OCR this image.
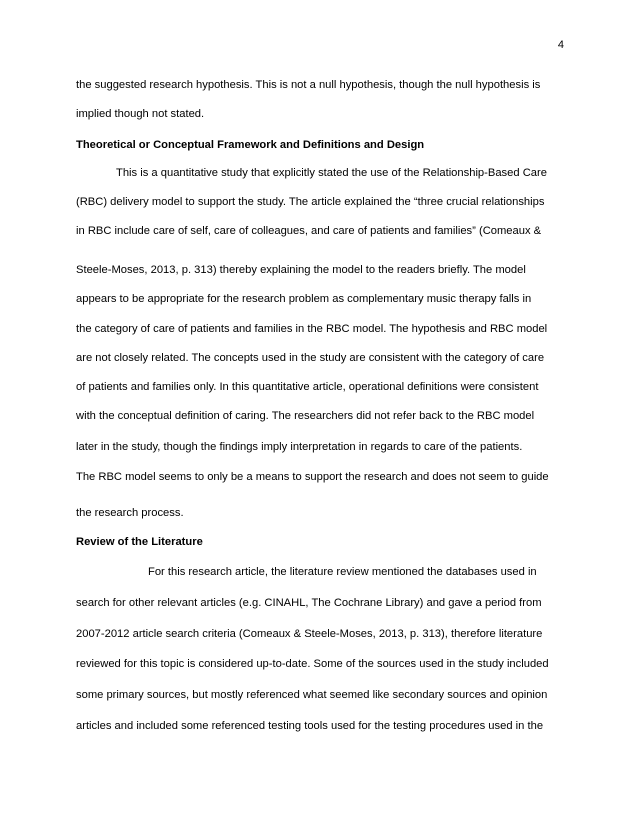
4
the suggested research hypothesis. This is not a null hypothesis, though the null hypothesis is
implied though not stated.
Theoretical or Conceptual Framework and Definitions and Design
This is a quantitative study that explicitly stated the use of the Relationship-Based Care
(RBC) delivery model to support the study. The article explained the “three crucial relationships
in RBC include care of self, care of colleagues, and care of patients and families” (Comeaux &
Steele-Moses, 2013, p. 313) thereby explaining the model to the readers briefly. The model
appears to be appropriate for the research problem as complementary music therapy falls in
the category of care of patients and families in the RBC model. The hypothesis and RBC model
are not closely related. The concepts used in the study are consistent with the category of care
of patients and families only. In this quantitative article, operational definitions were consistent
with the conceptual definition of caring. The researchers did not refer back to the RBC model
later in the study, though the findings imply interpretation in regards to care of the patients.
The RBC model seems to only be a means to support the research and does not seem to guide
the research process.
Review of the Literature
For this research article, the literature review mentioned the databases used in
search for other relevant articles (e.g. CINAHL, The Cochrane Library) and gave a period from
2007-2012 article search criteria (Comeaux & Steele-Moses, 2013, p. 313), therefore literature
reviewed for this topic is considered up-to-date. Some of the sources used in the study included
some primary sources, but mostly referenced what seemed like secondary sources and opinion
articles and included some referenced testing tools used for the testing procedures used in the
